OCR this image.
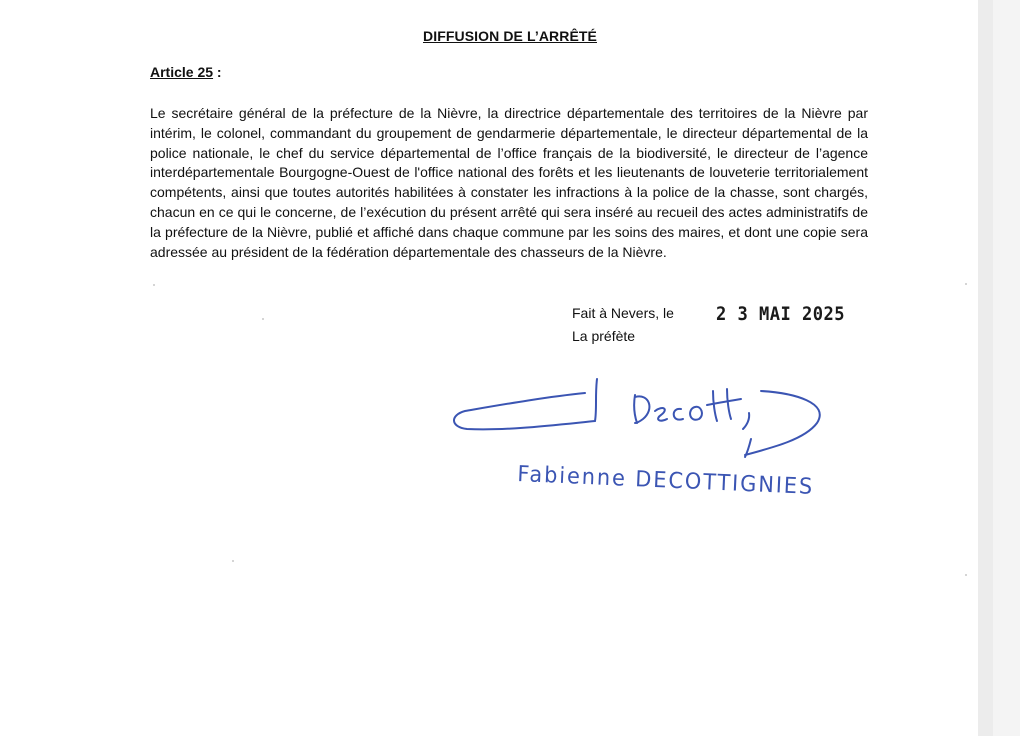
DIFFUSION DE L’ARRÊTÉ
Article 25 :
Le secrétaire général de la préfecture de la Nièvre, la directrice départementale des territoires de la Nièvre par intérim, le colonel, commandant du groupement de gendarmerie départementale, le directeur départemental de la police nationale, le chef du service départemental de l’office français de la biodiversité, le directeur de l’agence interdépartementale Bourgogne-Ouest de l'office national des forêts et les lieutenants de louveterie territorialement compétents, ainsi que toutes autorités habilitées à constater les infractions à la police de la chasse, sont chargés, chacun en ce qui le concerne, de l’exécution du présent arrêté qui sera inséré au recueil des actes administratifs de la préfecture de la Nièvre, publié et affiché dans chaque commune par les soins des maires, et dont une copie sera adressée au président de la fédération départementale des chasseurs de la Nièvre.
Fait à Nevers, le 2 3 MAI 2025
La préfète
Fabienne DECOTTIGNIES
